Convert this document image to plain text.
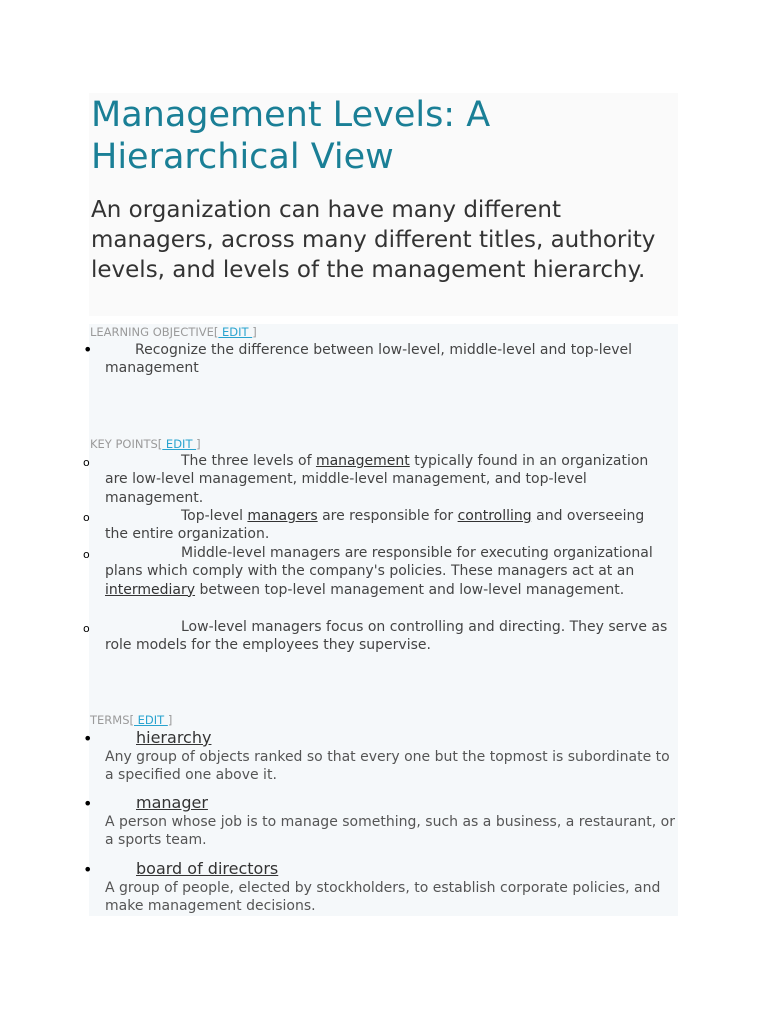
Management Levels: A Hierarchical View

An organization can have many different managers, across many different titles, authority levels, and levels of the management hierarchy.

LEARNING OBJECTIVE[ EDIT ]

•	Recognize the difference between low-level, middle-level and top-level management

KEY POINTS[ EDIT ]

o	The three levels of management typically found in an organization are low-level management, middle-level management, and top-level management.

o	Top-level managers are responsible for controlling and overseeing the entire organization.

o	Middle-level managers are responsible for executing organizational plans which comply with the company's policies. These managers act at an intermediary between top-level management and low-level management.

o	Low-level managers focus on controlling and directing. They serve as role models for the employees they supervise.

TERMS[ EDIT ]

•	hierarchy

Any group of objects ranked so that every one but the topmost is subordinate to a specified one above it.

•	manager

A person whose job is to manage something, such as a business, a restaurant, or a sports team.

•	board of directors

A group of people, elected by stockholders, to establish corporate policies, and make management decisions.
